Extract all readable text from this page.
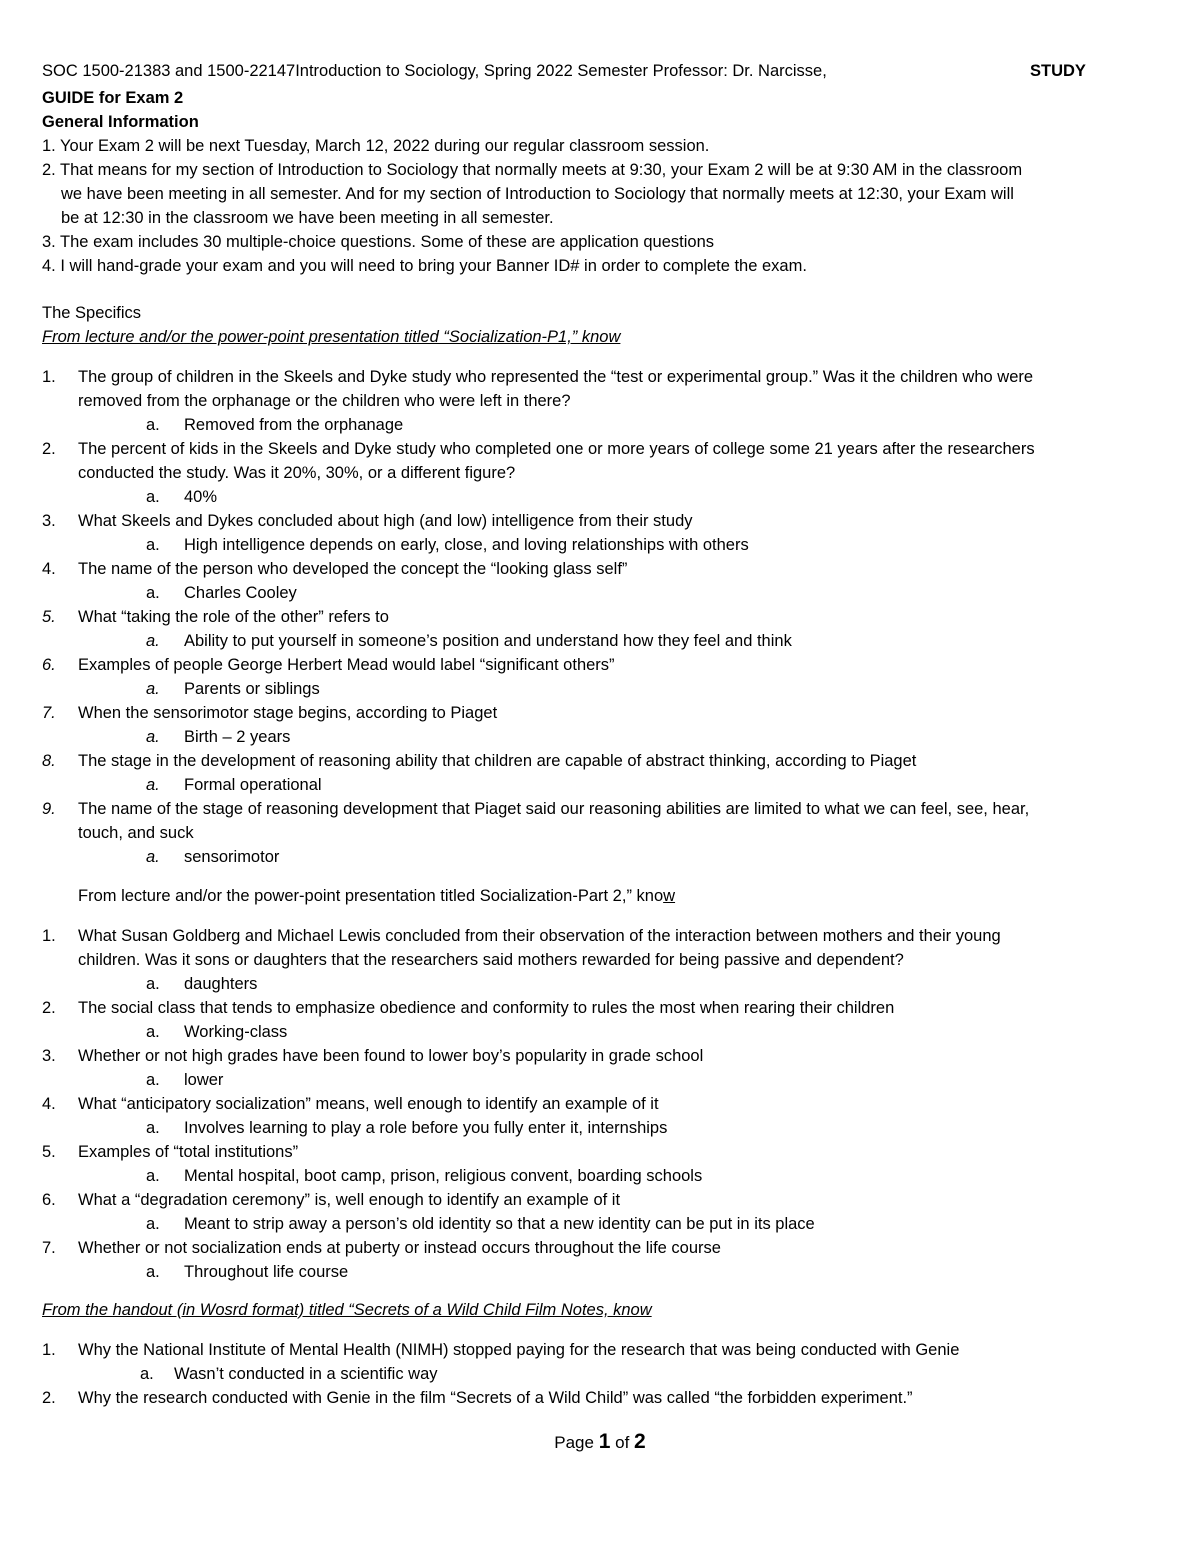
SOC 1500-21383 and 1500-22147Introduction to Sociology, Spring 2022 Semester Professor: Dr. Narcisse,	STUDY
GUIDE for Exam 2
General Information
1. Your Exam 2 will be next Tuesday, March 12, 2022 during our regular classroom session.
2. That means for my section of Introduction to Sociology that normally meets at 9:30, your Exam 2 will be at 9:30 AM in the classroom
we have been meeting in all semester. And for my section of Introduction to Sociology that normally meets at 12:30, your Exam will
be at 12:30 in the classroom we have been meeting in all semester.
3. The exam includes 30 multiple-choice questions. Some of these are application questions
4. I will hand-grade your exam and you will need to bring your Banner ID# in order to complete the exam.
The Specifics
From lecture and/or the power-point presentation titled “Socialization-P1,” know
1.	The group of children in the Skeels and Dyke study who represented the “test or experimental group.” Was it the children who were
removed from the orphanage or the children who were left in there?
a. Removed from the orphanage
2.	The percent of kids in the Skeels and Dyke study who completed one or more years of college some 21 years after the researchers
conducted the study. Was it 20%, 30%, or a different figure?
a. 40%
3.	What Skeels and Dykes concluded about high (and low) intelligence from their study
a. High intelligence depends on early, close, and loving relationships with others
4.	The name of the person who developed the concept the “looking glass self”
a. Charles Cooley
5.	What “taking the role of the other” refers to
a. Ability to put yourself in someone’s position and understand how they feel and think
6.	Examples of people George Herbert Mead would label “significant others”
a. Parents or siblings
7.	When the sensorimotor stage begins, according to Piaget
a. Birth – 2 years
8.	The stage in the development of reasoning ability that children are capable of abstract thinking, according to Piaget
a. Formal operational
9.	The name of the stage of reasoning development that Piaget said our reasoning abilities are limited to what we can feel, see, hear,
touch, and suck
a. sensorimotor
From lecture and/or the power-point presentation titled Socialization-Part 2,” know
1.	What Susan Goldberg and Michael Lewis concluded from their observation of the interaction between mothers and their young
children. Was it sons or daughters that the researchers said mothers rewarded for being passive and dependent?
a. daughters
2.	The social class that tends to emphasize obedience and conformity to rules the most when rearing their children
a. Working-class
3.	Whether or not high grades have been found to lower boy’s popularity in grade school
a. lower
4.	What “anticipatory socialization” means, well enough to identify an example of it
a. Involves learning to play a role before you fully enter it, internships
5.	Examples of “total institutions”
a. Mental hospital, boot camp, prison, religious convent, boarding schools
6.	What a “degradation ceremony” is, well enough to identify an example of it
a. Meant to strip away a person’s old identity so that a new identity can be put in its place
7.	Whether or not socialization ends at puberty or instead occurs throughout the life course
a. Throughout life course
From the handout (in Wosrd format) titled “Secrets of a Wild Child Film Notes, know
1.	Why the National Institute of Mental Health (NIMH) stopped paying for the research that was being conducted with Genie
a. Wasn’t conducted in a scientific way
2.	Why the research conducted with Genie in the film “Secrets of a Wild Child” was called “the forbidden experiment.”
Page 1 of 2
